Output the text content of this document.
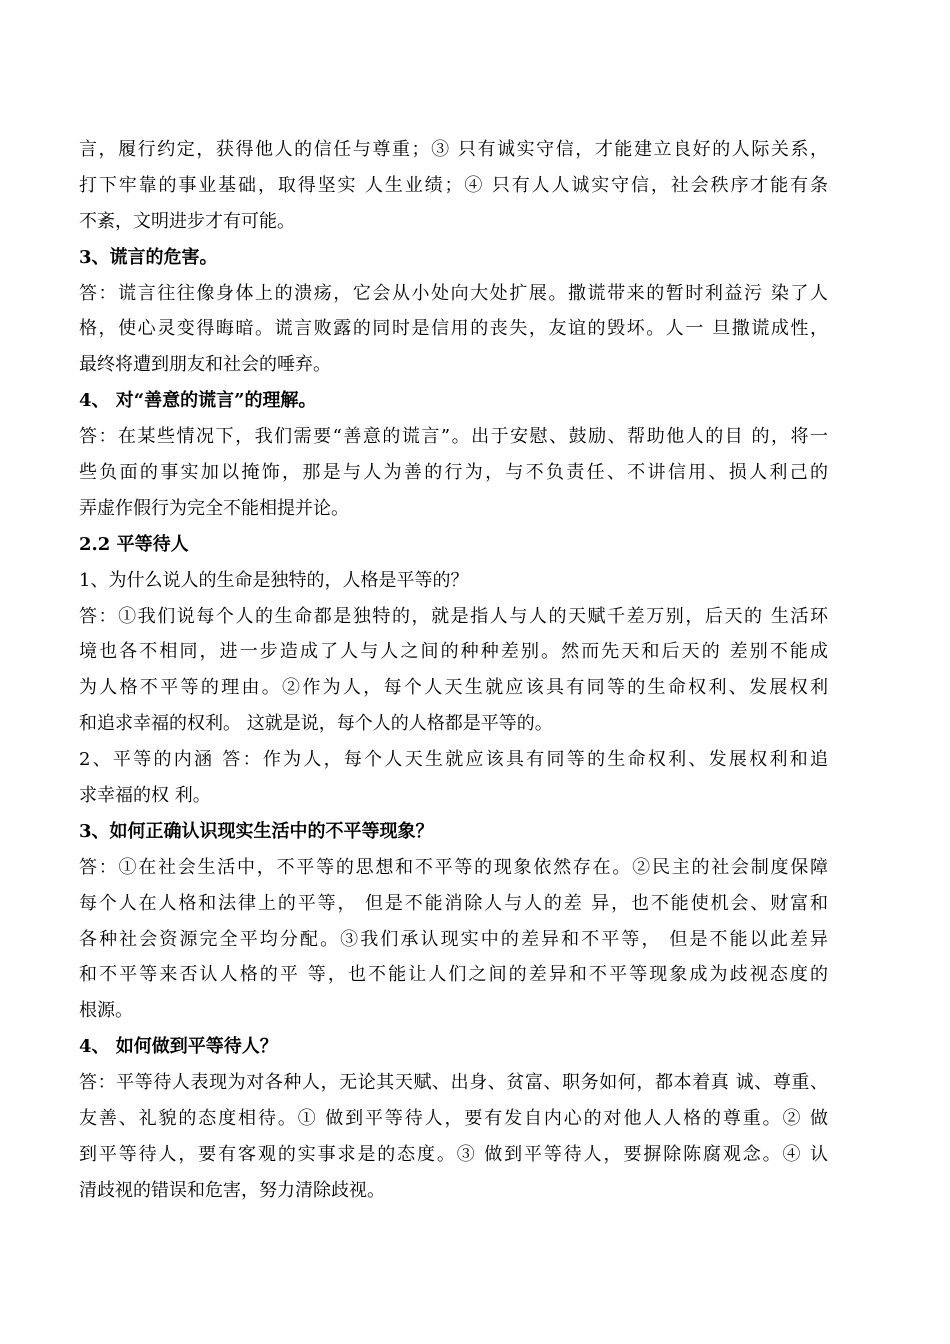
言，履行约定，获得他人的信任与尊重；③ 只有诚实守信，才能建立良好的人际关系，
打下牢靠的事业基础，取得坚实 人生业绩；④ 只有人人诚实守信，社会秩序才能有条
不紊，文明进步才有可能。
3、谎言的危害。
答：谎言往往像身体上的溃疡，它会从小处向大处扩展。撒谎带来的暂时利益污 染了人
格，使心灵变得晦暗。谎言败露的同时是信用的丧失，友谊的毁坏。人一 旦撒谎成性，
最终将遭到朋友和社会的唾弃。
4、 对“善意的谎言”的理解。
答：在某些情况下，我们需要“善意的谎言”。出于安慰、鼓励、帮助他人的目 的，将一
些负面的事实加以掩饰，那是与人为善的行为，与不负责任、不讲信用、损人利己的
弄虚作假行为完全不能相提并论。
2.2 平等待人
1、为什么说人的生命是独特的，人格是平等的？
答：①我们说每个人的生命都是独特的，就是指人与人的天赋千差万别，后天的 生活环
境也各不相同，进一步造成了人与人之间的种种差别。然而先天和后天的 差别不能成
为人格不平等的理由。②作为人，每个人天生就应该具有同等的生命权利、发展权利
和追求幸福的权利。 这就是说，每个人的人格都是平等的。
2、平等的内涵 答：作为人，每个人天生就应该具有同等的生命权利、发展权利和追
求幸福的权 利。
3、如何正确认识现实生活中的不平等现象？
答：①在社会生活中，不平等的思想和不平等的现象依然存在。②民主的社会制度保障
每个人在人格和法律上的平等， 但是不能消除人与人的差 异，也不能使机会、财富和
各种社会资源完全平均分配。③我们承认现实中的差异和不平等， 但是不能以此差异
和不平等来否认人格的平 等，也不能让人们之间的差异和不平等现象成为歧视态度的
根源。
4、 如何做到平等待人？
答：平等待人表现为对各种人，无论其天赋、出身、贫富、职务如何，都本着真 诚、尊重、
友善、礼貌的态度相待。① 做到平等待人，要有发自内心的对他人人格的尊重。② 做
到平等待人，要有客观的实事求是的态度。③ 做到平等待人，要摒除陈腐观念。④ 认
清歧视的错误和危害，努力清除歧视。
